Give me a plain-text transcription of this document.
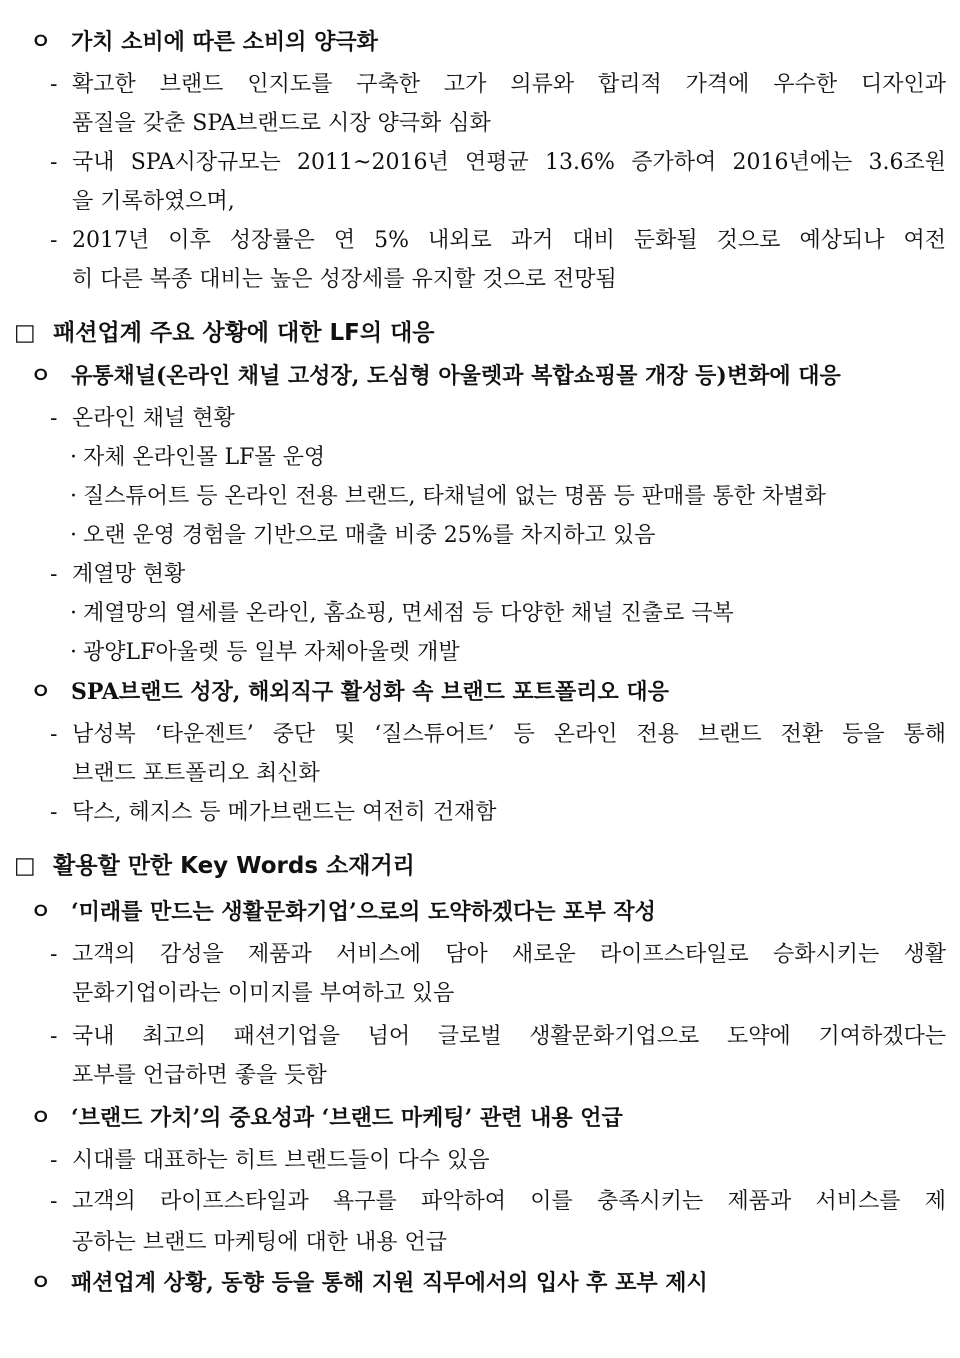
ㅇ 가치 소비에 따른 소비의 양극화
- 확고한 브랜드 인지도를 구축한 고가 의류와 합리적 가격에 우수한 디자인과
품질을 갖춘 SPA브랜드로 시장 양극화 심화
- 국내 SPA시장규모는 2011~2016년 연평균 13.6% 증가하여 2016년에는 3.6조원
을 기록하였으며,
- 2017년 이후 성장률은 연 5% 내외로 과거 대비 둔화될 것으로 예상되나 여전
히 다른 복종 대비는 높은 성장세를 유지할 것으로 전망됨
□ 패션업계 주요 상황에 대한 LF의 대응
ㅇ 유통채널(온라인 채널 고성장, 도심형 아울렛과 복합쇼핑몰 개장 등)변화에 대응
- 온라인 채널 현황
· 자체 온라인몰 LF몰 운영
· 질스튜어트 등 온라인 전용 브랜드, 타채널에 없는 명품 등 판매를 통한 차별화
· 오랜 운영 경험을 기반으로 매출 비중 25%를 차지하고 있음
- 계열망 현황
· 계열망의 열세를 온라인, 홈쇼핑, 면세점 등 다양한 채널 진출로 극복
· 광양LF아울렛 등 일부 자체아울렛 개발
ㅇ SPA브랜드 성장, 해외직구 활성화 속 브랜드 포트폴리오 대응
- 남성복 ‘타운젠트’ 중단 및 ‘질스튜어트’ 등 온라인 전용 브랜드 전환 등을 통해
브랜드 포트폴리오 최신화
- 닥스, 헤지스 등 메가브랜드는 여전히 건재함
□ 활용할 만한 Key Words 소재거리
ㅇ ‘미래를 만드는 생활문화기업’으로의 도약하겠다는 포부 작성
- 고객의 감성을 제품과 서비스에 담아 새로운 라이프스타일로 승화시키는 생활
문화기업이라는 이미지를 부여하고 있음
- 국내 최고의 패션기업을 넘어 글로벌 생활문화기업으로 도약에 기여하겠다는
포부를 언급하면 좋을 듯함
ㅇ ‘브랜드 가치’의 중요성과 ‘브랜드 마케팅’ 관련 내용 언급
- 시대를 대표하는 히트 브랜드들이 다수 있음
- 고객의 라이프스타일과 욕구를 파악하여 이를 충족시키는 제품과 서비스를 제
공하는 브랜드 마케팅에 대한 내용 언급
ㅇ 패션업계 상황, 동향 등을 통해 지원 직무에서의 입사 후 포부 제시
